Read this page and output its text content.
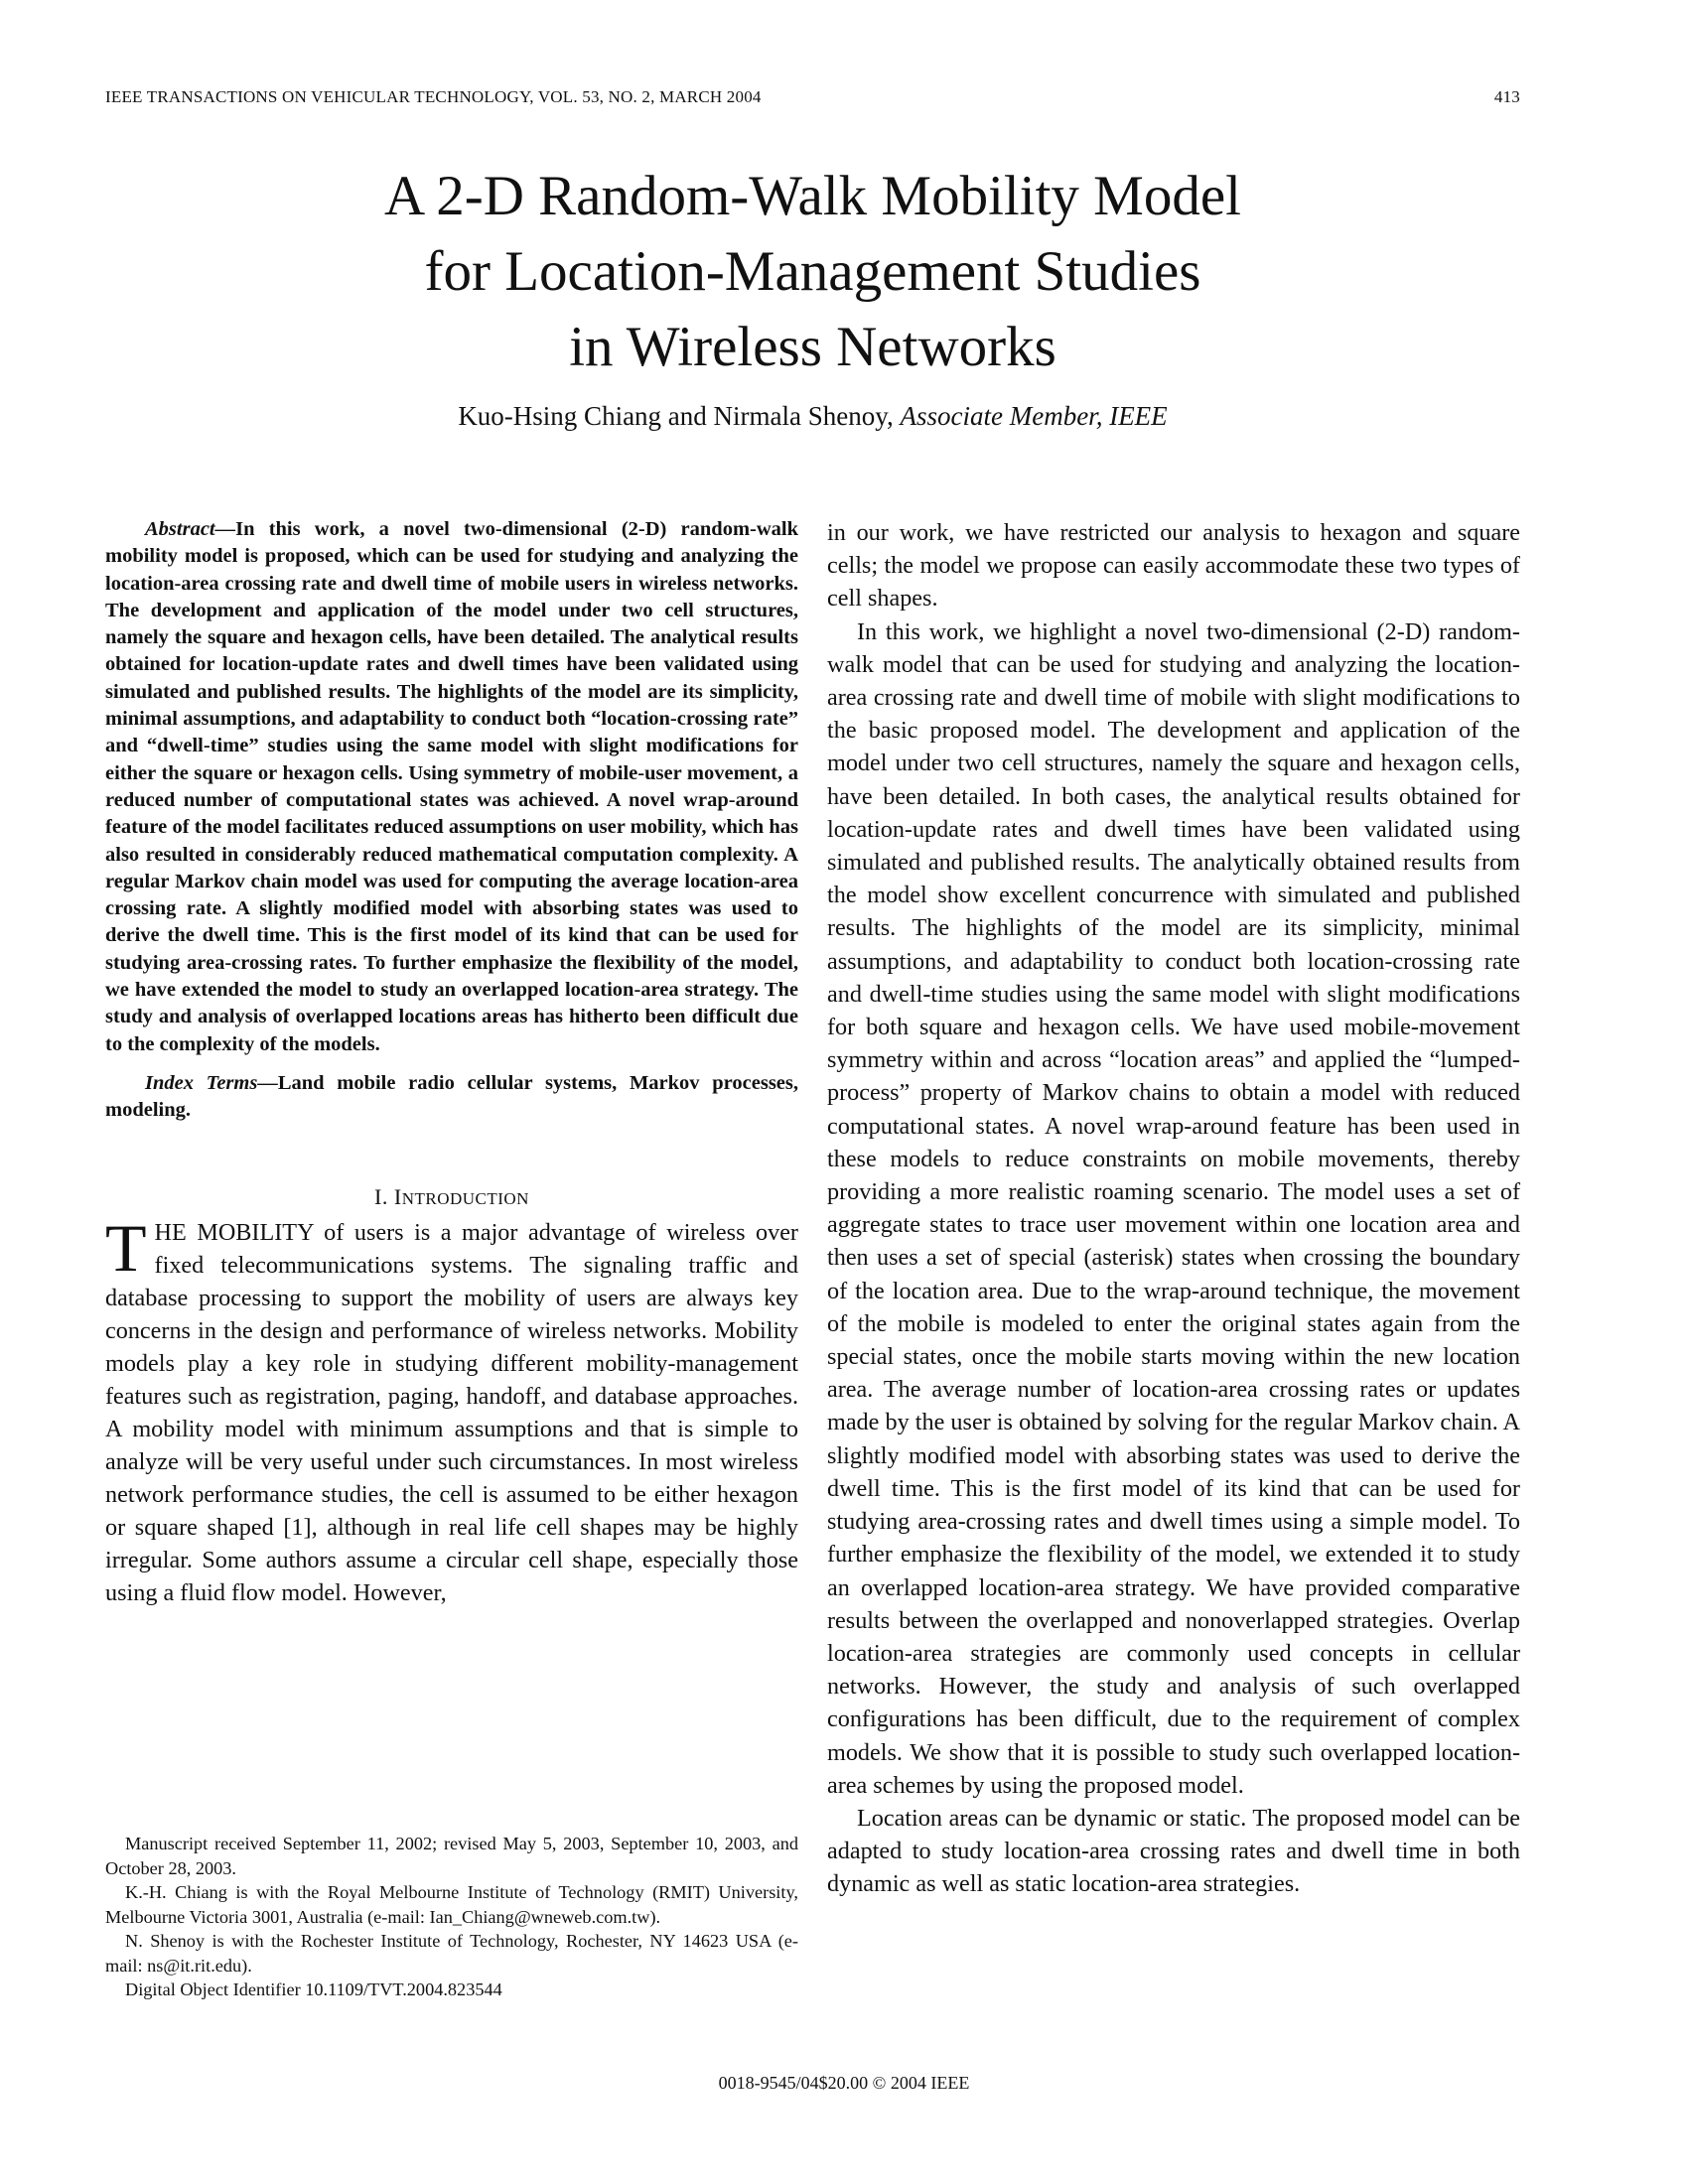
IEEE TRANSACTIONS ON VEHICULAR TECHNOLOGY, VOL. 53, NO. 2, MARCH 2004	413
A 2-D Random-Walk Mobility Model
for Location-Management Studies
in Wireless Networks
Kuo-Hsing Chiang and Nirmala Shenoy, Associate Member, IEEE

Abstract—In this work, a novel two-dimensional (2-D) random-walk mobility model is proposed, which can be used for studying and analyzing the location-area crossing rate and dwell time of mobile users in wireless networks. The development and application of the model under two cell structures, namely the square and hexagon cells, have been detailed. The analytical results obtained for location-update rates and dwell times have been validated using simulated and published results. The highlights of the model are its simplicity, minimal assumptions, and adaptability to conduct both “location-crossing rate” and “dwell-time” studies using the same model with slight modifications for either the square or hexagon cells. Using symmetry of mobile-user movement, a reduced number of computational states was achieved. A novel wrap-around feature of the model facilitates reduced assumptions on user mobility, which has also resulted in considerably reduced mathematical computation complexity. A regular Markov chain model was used for computing the average location-area crossing rate. A slightly modified model with absorbing states was used to derive the dwell time. This is the first model of its kind that can be used for studying area-crossing rates. To further emphasize the flexibility of the model, we have extended the model to study an overlapped location-area strategy. The study and analysis of overlapped locations areas has hitherto been difficult due to the complexity of the models.

Index Terms—Land mobile radio cellular systems, Markov processes, modeling.

I. INTRODUCTION

THE MOBILITY of users is a major advantage of wireless over fixed telecommunications systems. The signaling traffic and database processing to support the mobility of users are always key concerns in the design and performance of wireless networks. Mobility models play a key role in studying different mobility-management features such as registration, paging, handoff, and database approaches. A mobility model with minimum assumptions and that is simple to analyze will be very useful under such circumstances. In most wireless network performance studies, the cell is assumed to be either hexagon or square shaped [1], although in real life cell shapes may be highly irregular. Some authors assume a circular cell shape, especially those using a fluid flow model. However,

Manuscript received September 11, 2002; revised May 5, 2003, September 10, 2003, and October 28, 2003.

K.-H. Chiang is with the Royal Melbourne Institute of Technology (RMIT) University, Melbourne Victoria 3001, Australia (e-mail: Ian_Chiang@wneweb.com.tw).

N. Shenoy is with the Rochester Institute of Technology, Rochester, NY 14623 USA (e-mail: ns@it.rit.edu).

Digital Object Identifier 10.1109/TVT.2004.823544

in our work, we have restricted our analysis to hexagon and square cells; the model we propose can easily accommodate these two types of cell shapes.

In this work, we highlight a novel two-dimensional (2-D) random-walk model that can be used for studying and analyzing the location-area crossing rate and dwell time of mobile with slight modifications to the basic proposed model. The development and application of the model under two cell structures, namely the square and hexagon cells, have been detailed. In both cases, the analytical results obtained for location-update rates and dwell times have been validated using simulated and published results. The analytically obtained results from the model show excellent concurrence with simulated and published results. The highlights of the model are its simplicity, minimal assumptions, and adaptability to conduct both location-crossing rate and dwell-time studies using the same model with slight modifications for both square and hexagon cells. We have used mobile-movement symmetry within and across “location areas” and applied the “lumped-process” property of Markov chains to obtain a model with reduced computational states. A novel wrap-around feature has been used in these models to reduce constraints on mobile movements, thereby providing a more realistic roaming scenario. The model uses a set of aggregate states to trace user movement within one location area and then uses a set of special (asterisk) states when crossing the boundary of the location area. Due to the wrap-around technique, the movement of the mobile is modeled to enter the original states again from the special states, once the mobile starts moving within the new location area. The average number of location-area crossing rates or updates made by the user is obtained by solving for the regular Markov chain. A slightly modified model with absorbing states was used to derive the dwell time. This is the first model of its kind that can be used for studying area-crossing rates and dwell times using a simple model. To further emphasize the flexibility of the model, we extended it to study an overlapped location-area strategy. We have provided comparative results between the overlapped and nonoverlapped strategies. Overlap location-area strategies are commonly used concepts in cellular networks. However, the study and analysis of such overlapped configurations has been difficult, due to the requirement of complex models. We show that it is possible to study such overlapped location-area schemes by using the proposed model.

Location areas can be dynamic or static. The proposed model can be adapted to study location-area crossing rates and dwell time in both dynamic as well as static location-area strategies.

0018-9545/04$20.00 © 2004 IEEE
